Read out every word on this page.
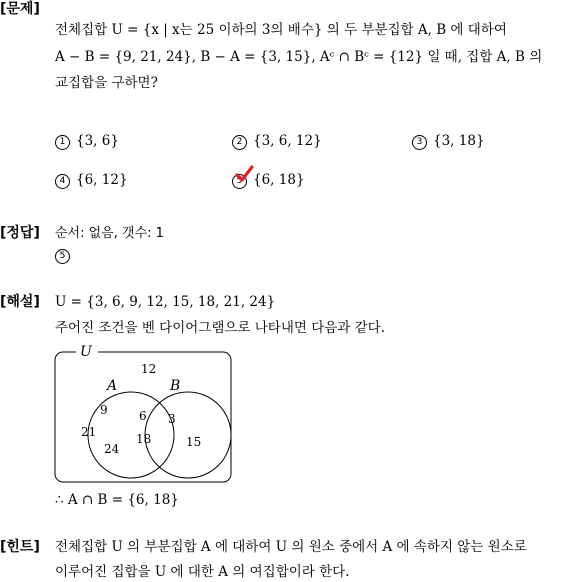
[문제]
전체집합 U = {x | x는 25 이하의 3의 배수} 의 두 부분집합 A, B 에 대하여
A − B = {9, 21, 24}, B − A = {3, 15}, Aᶜ ∩ Bᶜ = {12} 일 때, 집합 A, B 의
교집합을 구하면?
1 {3, 6}	2 {3, 6, 12}	3 {3, 18}
4 {6, 12}	5 {6, 18}
[정답] 순서: 없음, 갯수: 1
5
[해설] U = {3, 6, 9, 12, 15, 18, 21, 24}
주어진 조건을 벤 다이어그램으로 나타내면 다음과 같다.
U
A	B
12
9
21
24
6
18
3
15
∴ A ∩ B = {6, 18}
[힌트] 전체집합 U 의 부분집합 A 에 대하여 U 의 원소 중에서 A 에 속하지 않는 원소로
이루어진 집합을 U 에 대한 A 의 여집합이라 한다.
